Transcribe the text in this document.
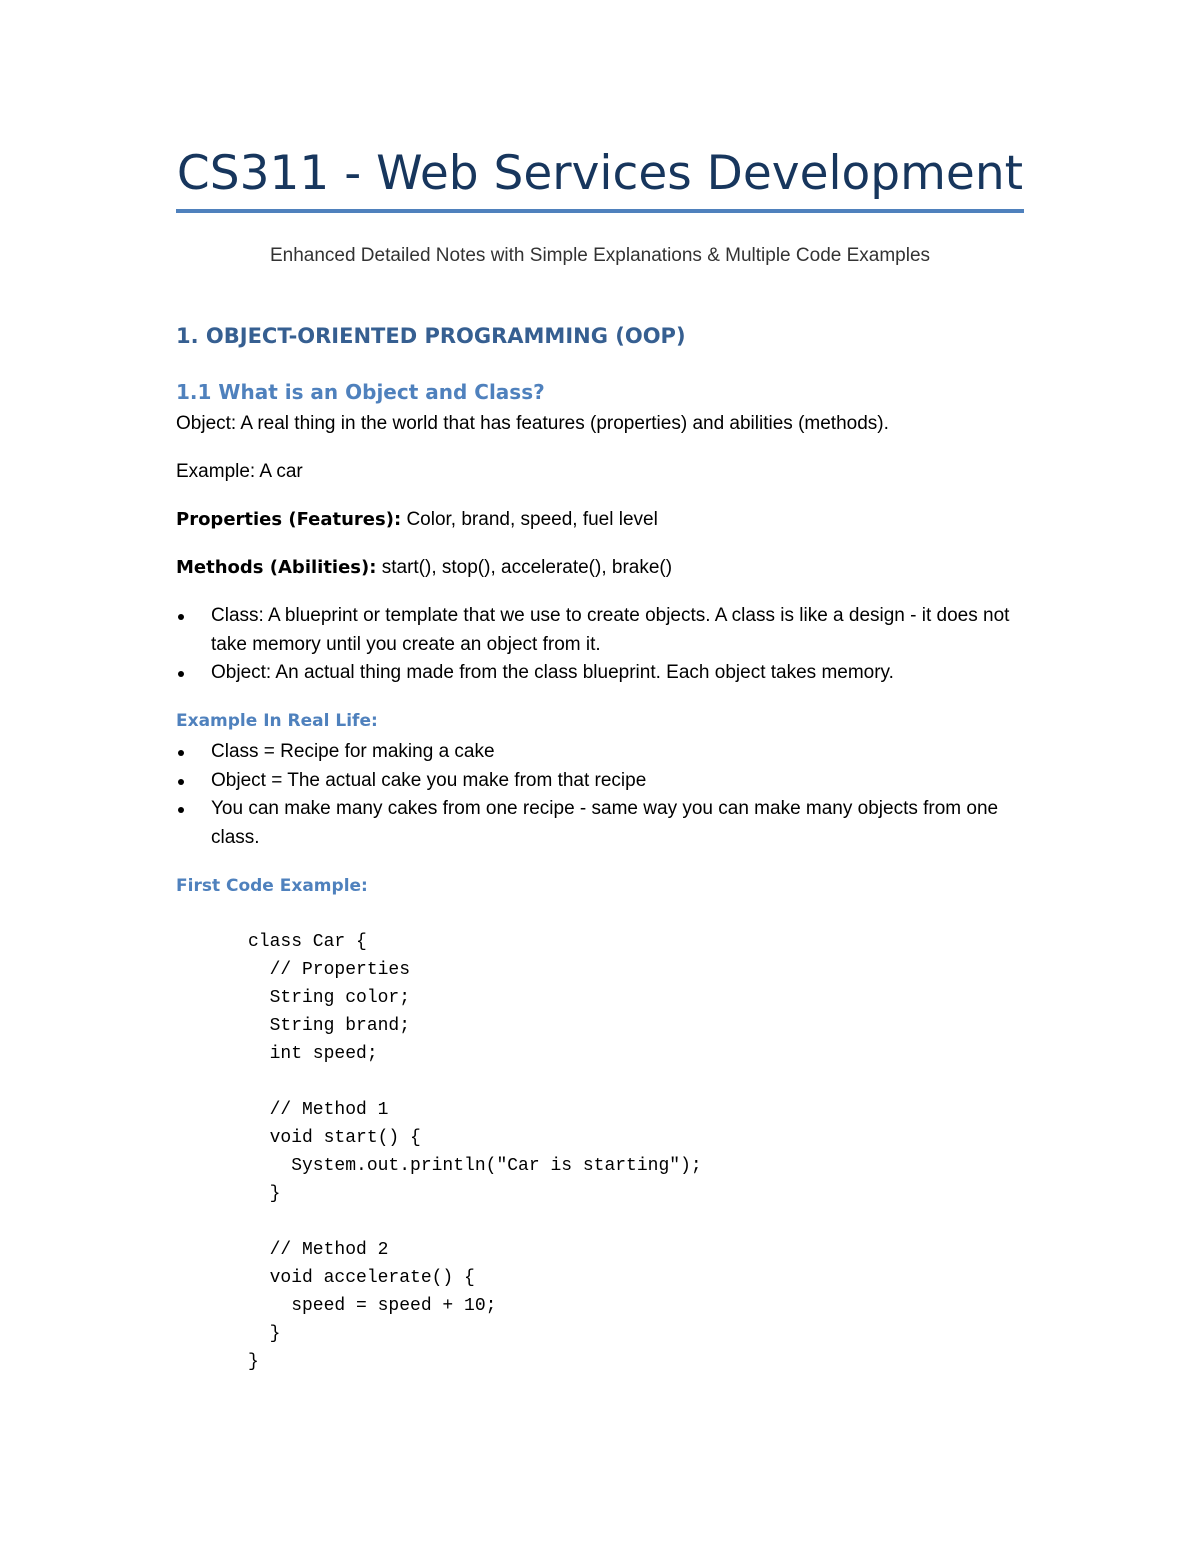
CS311 - Web Services Development

Enhanced Detailed Notes with Simple Explanations & Multiple Code Examples

1. OBJECT-ORIENTED PROGRAMMING (OOP)
1.1 What is an Object and Class?

Object: A real thing in the world that has features (properties) and abilities (methods).

Example: A car

Properties (Features): Color, brand, speed, fuel level

Methods (Abilities): start(), stop(), accelerate(), brake()

Class: A blueprint or template that we use to create objects. A class is like a design - it does not take memory until you create an object from it.
Object: An actual thing made from the class blueprint. Each object takes memory.
Example In Real Life:
Class = Recipe for making a cake
Object = The actual cake you make from that recipe
You can make many cakes from one recipe - same way you can make many objects from one class.
First Code Example:
class Car {
// Properties
String color;
String brand;
int speed;

// Method 1
void start() {
System.out.println("Car is starting");
}

// Method 2
void accelerate() {
speed = speed + 10;
}
}
